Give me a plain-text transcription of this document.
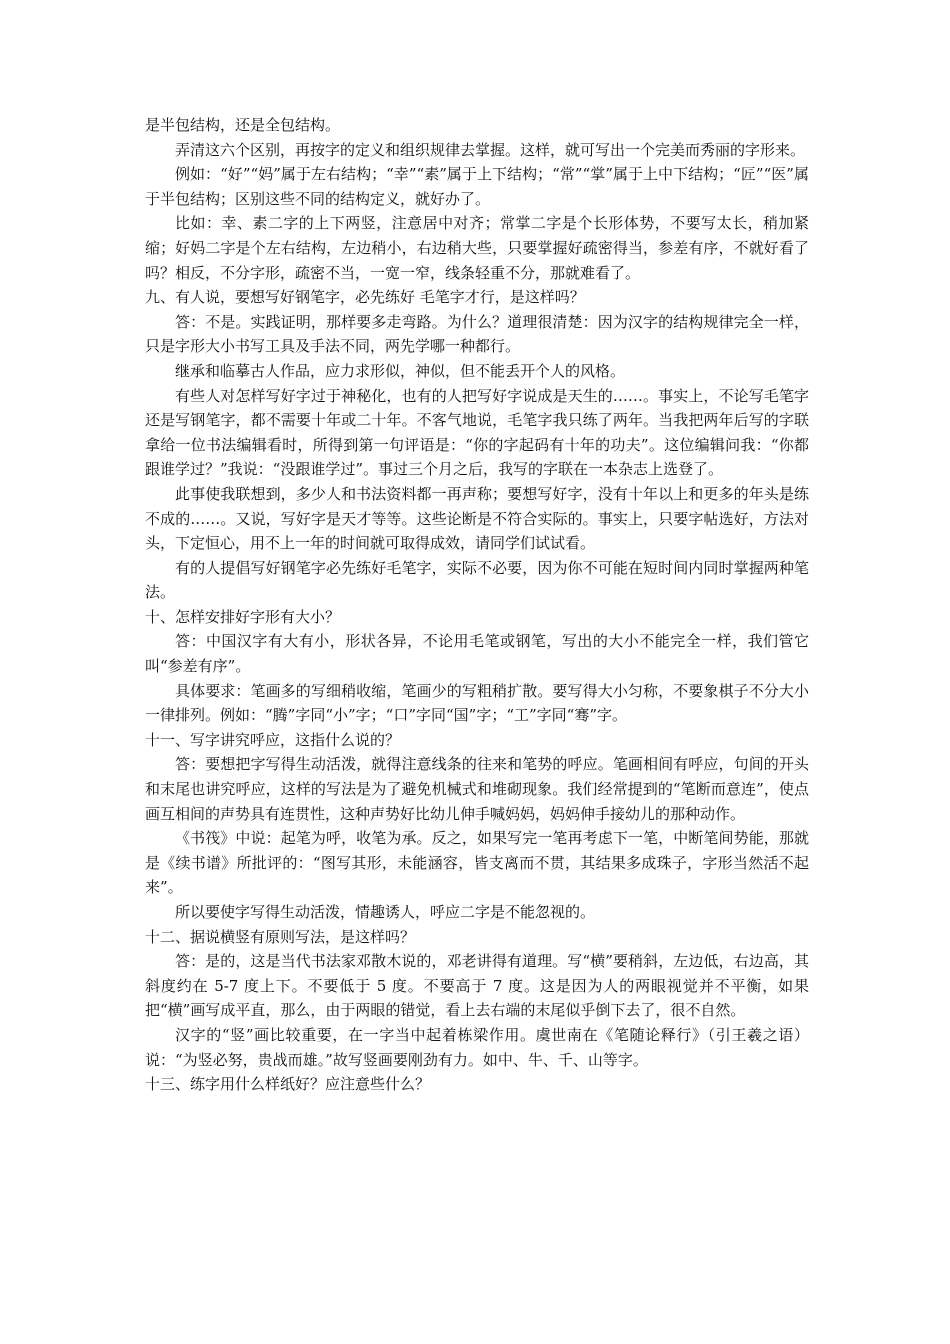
是半包结构，还是全包结构。

弄清这六个区别，再按字的定义和组织规律去掌握。这样，就可写出一个完美而秀丽的字形来。

例如：“好”“妈”属于左右结构；“幸”“素”属于上下结构；“常”“掌”属于上中下结构；“匠”“医”属于半包结构；区别这些不同的结构定义，就好办了。

比如：幸、素二字的上下两竖，注意居中对齐；常掌二字是个长形体势，不要写太长，稍加紧缩；好妈二字是个左右结构，左边稍小，右边稍大些，只要掌握好疏密得当，参差有序，不就好看了吗？相反，不分字形，疏密不当，一宽一窄，线条轻重不分，那就难看了。

九、有人说，要想写好钢笔字，必先练好 毛笔字才行，是这样吗？

答：不是。实践证明，那样要多走弯路。为什么？道理很清楚：因为汉字的结构规律完全一样，只是字形大小书写工具及手法不同，两先学哪一种都行。

继承和临摹古人作品，应力求形似，神似，但不能丢开个人的风格。

有些人对怎样写好字过于神秘化，也有的人把写好字说成是天生的……。事实上，不论写毛笔字还是写钢笔字，都不需要十年或二十年。不客气地说，毛笔字我只练了两年。当我把两年后写的字联拿给一位书法编辑看时，所得到第一句评语是：“你的字起码有十年的功夫”。这位编辑问我：“你都跟谁学过？”我说：“没跟谁学过”。事过三个月之后，我写的字联在一本杂志上选登了。

此事使我联想到，多少人和书法资料都一再声称；要想写好字，没有十年以上和更多的年头是练不成的……。又说，写好字是天才等等。这些论断是不符合实际的。事实上，只要字帖选好，方法对头，下定恒心，用不上一年的时间就可取得成效，请同学们试试看。

有的人提倡写好钢笔字必先练好毛笔字，实际不必要，因为你不可能在短时间内同时掌握两种笔法。

十、怎样安排好字形有大小？

答：中国汉字有大有小，形状各异，不论用毛笔或钢笔，写出的大小不能完全一样，我们管它叫“参差有序”。

具体要求：笔画多的写细稍收缩，笔画少的写粗稍扩散。要写得大小匀称，不要象棋子不分大小一律排列。例如：“腾”字同“小”字；“口”字同“国”字；“工”字同“骞”字。

十一、写字讲究呼应，这指什么说的？

答：要想把字写得生动活泼，就得注意线条的往来和笔势的呼应。笔画相间有呼应，句间的开头和末尾也讲究呼应，这样的写法是为了避免机械式和堆砌现象。我们经常提到的“笔断而意连”，使点画互相间的声势具有连贯性，这种声势好比幼儿伸手喊妈妈，妈妈伸手接幼儿的那种动作。

《书筏》中说：起笔为呼，收笔为承。反之，如果写完一笔再考虑下一笔，中断笔间势能，那就是《续书谱》所批评的：“图写其形，未能涵容，皆支离而不贯，其结果多成珠子，字形当然活不起来”。

所以要使字写得生动活泼，情趣诱人，呼应二字是不能忽视的。

十二、据说横竖有原则写法，是这样吗？

答：是的，这是当代书法家邓散木说的，邓老讲得有道理。写“横”要稍斜，左边低，右边高，其斜度约在 5-7 度上下。不要低于 5 度。不要高于 7 度。这是因为人的两眼视觉并不平衡，如果把“横”画写成平直，那么，由于两眼的错觉，看上去右端的末尾似乎倒下去了，很不自然。

汉字的“竖”画比较重要，在一字当中起着栋梁作用。虞世南在《笔随论释行》（引王羲之语）说：“为竖必努，贵战而雄。”故写竖画要刚劲有力。如中、牛、千、山等字。

十三、练字用什么样纸好？应注意些什么？
